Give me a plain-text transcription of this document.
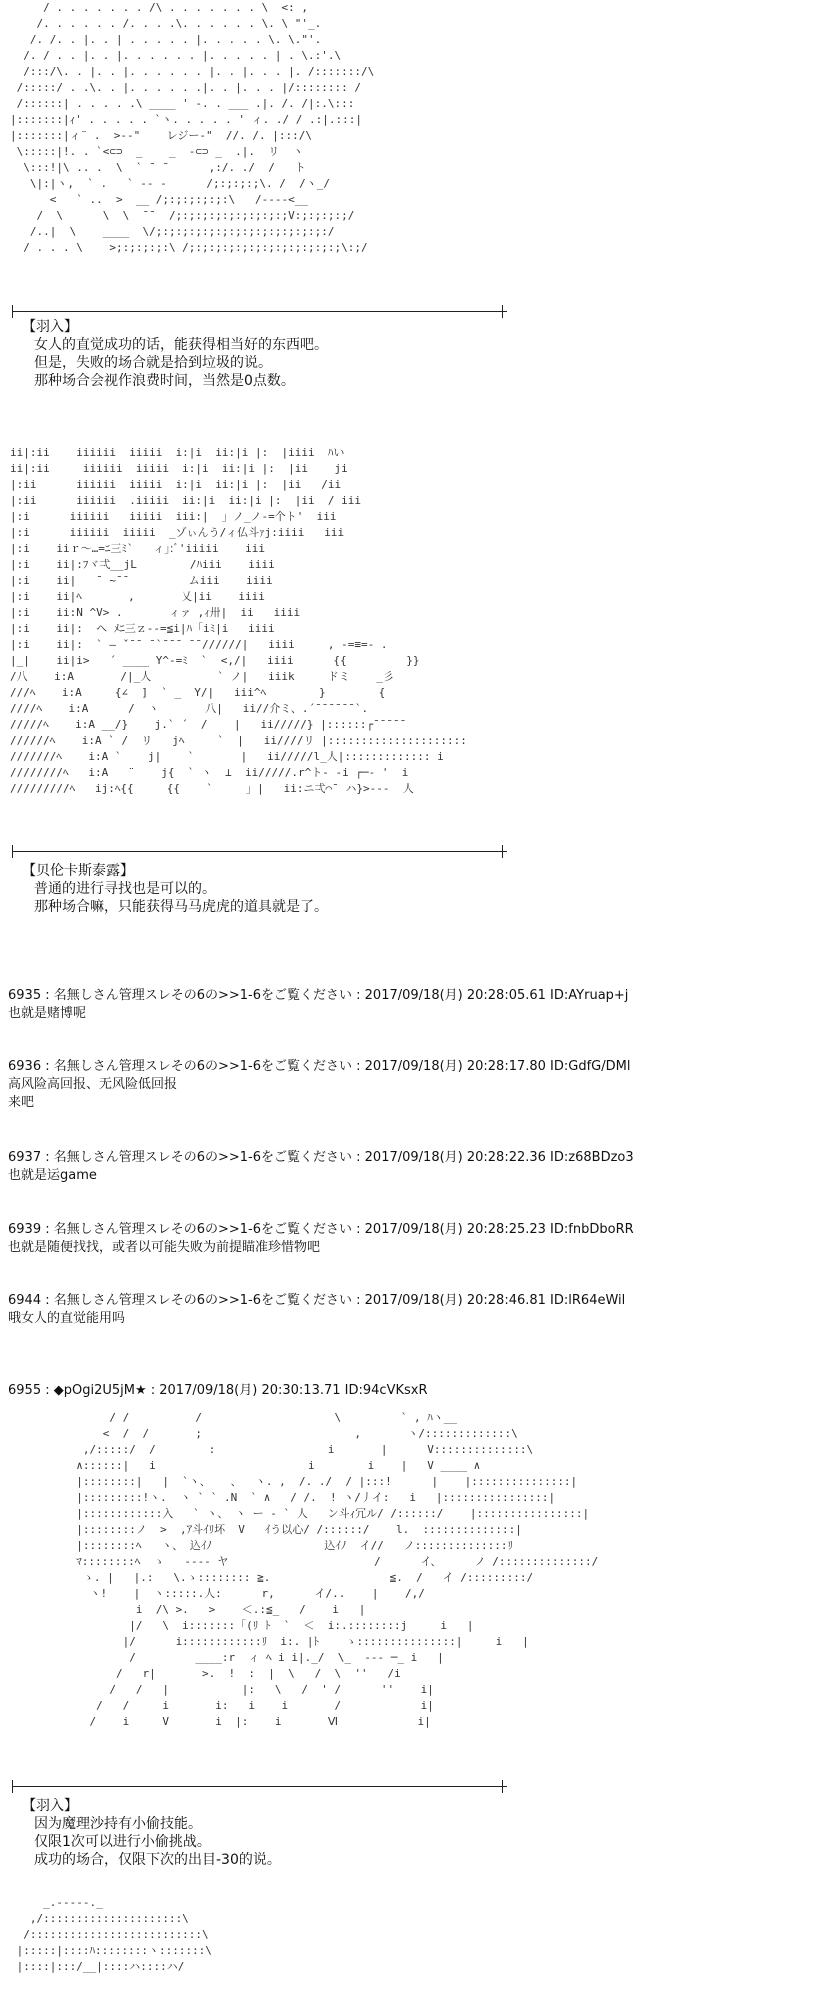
/ . . . . . . . /\ . . . . . . . \  <: ,
/. . . . . . /. . . .\. . . . . . \. \ "'_.
/. /. . |. . | . . . . . |. . . . . \. \."'.
/. / . . |. . |. . . . . . |. . . . . | . \.:'.\
/:::/\. . |. . |. . . . . . |. . |. . . |. /:::::::/\
/:::::/ . .\. . |. . . . . .|. . |. . . |/:::::::: /
/::::::| . . . . .\ ____ ' -. . ___ .|. /. /|:.\:::
|:::::::|ｨ' . . . . . `ヽ. . . . . ' ィ. ./ / .:|.:::|
|:::::::|ィ¨ .  >‐‐"    レジー‐"  //. /. |:::/\
\:::::|!. . `<⊂⊃  _    _  -⊂⊃ _  .|.  リ  ヽ
\:::!|\ .. .  \  ` ¯ ¯      ,:/. ./  /   ト
\|:|ヽ,  ` .   ` -‐ -      /;:;:;:;\. /  /ヽ_/
<   ` ..  >  __ /;:;:;:;:;:\   /--‐‐<__
/  \      \  \  ¯¯  /;:;:;:;:;:;:;:;:;V:;:;:;:;/
/..|  \    ____  \/;:;:;:;:;:;:;:;:;:;:;:;:;:/
/ . . . \    >;:;:;:;:\ /;:;:;:;:;:;:;:;:;:;:;:;\:;/

【羽入】
女人的直觉成功的话，能获得相当好的东西吧。
但是，失败的场合就是拾到垃圾的说。
那种场合会视作浪费时间，当然是0点数。
ii|:ii    iiiiii  iiiii  i:|i  ii:|i |:  |iiii  ﾊい
ii|:ii     iiiiii  iiiii  i:|i  ii:|i |:  |ii    ji
|:ii      iiiiii  iiiii  i:|i  ii:|i |:  |ii   /ii
|:ii      iiiiii  .iiiii  ii:|i  ii:|i |:  |ii  / iii
|:i      iiiiii   iiiii  iii:|  」ノ_ノ‐=个ト'  iii
|:i      iiiiii  iiiii  _ゾぃんう/ィ仏斗ｧj:iiii   iii
|:i    iiｒ～…=ﾆ三ﾐ`   ィ｣:ﾞ'iiiii    iii
|:i    ii|:ﾌヾ弌__jL        /ﾊiii    iiii
|:i    ii|   ¯ ~¯¯         ムiii    iiii
|:i    ii|ﾍ       ,       乂|ii    iiii
|:i    ii:N ^V> .       ィァ ,ｨ卅|  ii   iiii
|:i    ii|:  ヘ ﾒﾆ三ｚ‐‐=≦i|ﾊ「iﾐ|i   iiii
|:i    ii|:  ` ― ˇ¯¯ ¯`¯¯¯ ¯¯//////|   iiii     , -=≡=- .
|_|    ii|i>   ´ ____ Y^-=ﾐ  `  <,/|   iiii      {{         }}
/八    i:A       /|_人          ` ノ|   iiik     ドミ    _彡
///ﾍ    i:A     {∠  ]  ` _  Y/|   iii^ﾍ        }        {
////ﾍ    i:A      /  ヽ       八|   ii//介ミ、.´¯¯¯¯¯¯`.
/////ﾍ    i:A __/}    j.` ´  /    |   ii/////} |::::::┌¯¯¯¯¯
//////ﾍ    i:A ` /  リ   jﾍ     `  |   ii////リ |:::::::::::::::::::::
///////ﾍ    i:A `    j|    `       |   ii/////l_人|::::::::::::: i
////////ﾍ   i:A   ¨    j{  ` ヽ  ⊥  ii/////.r^ト- ‐i ┌─‐ '  i
/////////ﾍ   ij:ﾍ{{     {{    `     」|   ii:ニ弌⌒¯ ハ}>-‐‐  人

【贝伦卡斯泰露】
普通的进行寻找也是可以的。
那种场合嘛，只能获得马马虎虎的道具就是了。
6935 : 名無しさん管理スレその6の>>1-6をご覧ください : 2017/09/18(月) 20:28:05.61 ID:AYruap+j
也就是赌博呢
6936 : 名無しさん管理スレその6の>>1-6をご覧ください : 2017/09/18(月) 20:28:17.80 ID:GdfG/DMl
高风险高回报、无风险低回报
来吧
6937 : 名無しさん管理スレその6の>>1-6をご覧ください : 2017/09/18(月) 20:28:22.36 ID:z68BDzo3
也就是运game
6939 : 名無しさん管理スレその6の>>1-6をご覧ください : 2017/09/18(月) 20:28:25.23 ID:fnbDboRR
也就是随便找找，或者以可能失败为前提瞄准珍惜物吧
6944 : 名無しさん管理スレその6の>>1-6をご覧ください : 2017/09/18(月) 20:28:46.81 ID:lR64eWil
哦女人的直觉能用吗
6955 : ◆pOgi2U5jM★ : 2017/09/18(月) 20:30:13.71 ID:94cVKsxR
/ /          /                    \         ` , ﾊヽ__
<  /  /       ;                       ,       ヽ/:::::::::::::\
,/:::::/  /        :                 i       |      V::::::::::::::\
∧::::::|   i                       i        i    |   V ____ ∧
|::::::::|   |  `ヽ、   、  ヽ. ,  /. ./  / |:::!      |    |:::::::::::::::|
|:::::::::!ヽ.  ヽ ` ` .N  ` ∧   / /.  ! ヽ/丿イ:   i   |::::::::::::::::|
|::::::::::::入   ` ヽ、 ヽ ー ‐ ` 人   ン斗ｨ冗ル/ /::::::/    |::::::::::::::::|
|::::::::ノ  >  ,ｱ斗ｲﾘ坏  V   ｲう以心/ /::::::/    l.  ::::::::::::::|
|::::::::ﾍ   ヽ、 込ｲﾉ                 込ｲﾉ  イ//   ノ::::::::::::::ﾘ
ﾏ::::::::ﾍ  ゝ   ‐‐‐‐ ヤ                      /      イ、     ノ /::::::::::::::/
ゝ. |   |.:   \.ゝ:::::::: ≧.                  ≦.  /   イ /:::::::::/
ヽ!    |  ヽ:::::.人:      r,      イ/..    |    /,/
i  /\ >.   >    ＜.:≦_   /    i   |
|/   \  i:::::::「(ﾘ ﾄ  `  ＜  i:.::::::::j     i   |
|/      i::::::::::::ﾘ  i:. |ﾄ    ゝ:::::::::::::::|     i   |
/         ____:r  ィ ﾍ i i|._/  \_  ‐-‐ ─_ i   |
/   r|       >.  !  :  |  \   /  \  ''   /i
/   /   |           |:   \   /  ' /      ''    i|
/   /     i       i:   i    i       /            i|
/    i     V       i  |:    i       Ⅵ            i|

【羽入】
因为魔理沙持有小偷技能。
仅限1次可以进行小偷挑战。
成功的场合，仅限下次的出目-30的说。
_.-‐‐‐-._
,/:::::::::::::::::::::\
/::::::::::::::::::::::::::\
|:::::|::::ﾊ::::::::ヽ:::::::\
|::::|:::/__|::::ハ::::ハ/
